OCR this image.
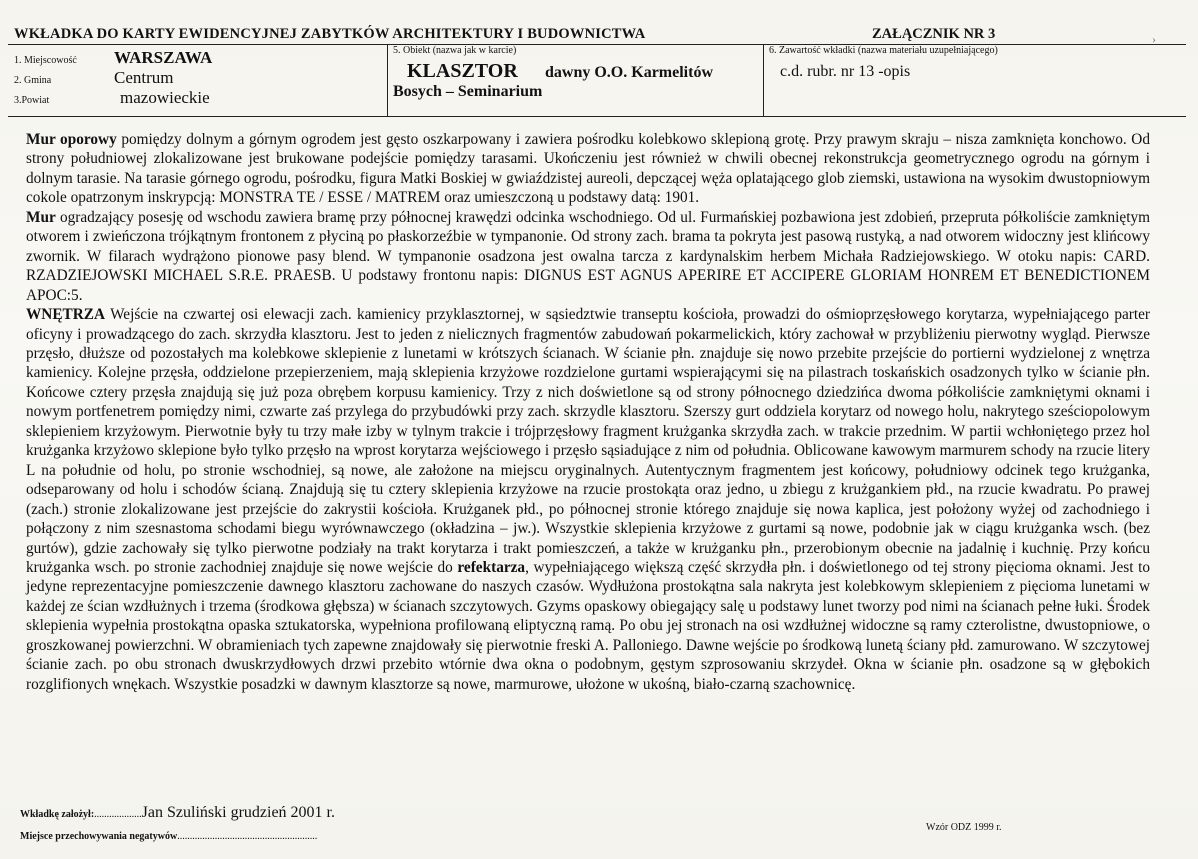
WKŁADKA DO KARTY EWIDENCYJNEJ ZABYTKÓW ARCHITEKTURY I BUDOWNICTWA	ZAŁĄCZNIK NR 3	›
1. Miejscowość WARSZAWA
2. Gmina	Centrum
3.Powiat	mazowieckie
5. Obiekt (nazwa jak w karcie)
KLASZTOR dawny O.O. Karmelitów
Bosych – Seminarium
6. Zawartość wkładki (nazwa materiału uzupełniającego)
c.d. rubr. nr 13 -opis

Mur oporowy pomiędzy dolnym a górnym ogrodem jest gęsto oszkarpowany i zawiera pośrodku kolebkowo sklepioną grotę. Przy prawym skraju – nisza zamknięta konchowo. Od strony południowej zlokalizowane jest brukowane podejście pomiędzy tarasami. Ukończeniu jest również w chwili obecnej rekonstrukcja geometrycznego ogrodu na górnym i dolnym tarasie. Na tarasie górnego ogrodu, pośrodku, figura Matki Boskiej w gwiaździstej aureoli, depczącej węża oplatającego glob ziemski, ustawiona na wysokim dwustopniowym cokole opatrzonym inskrypcją: MONSTRA TE / ESSE / MATREM oraz umieszczoną u podstawy datą: 1901.

Mur ogradzający posesję od wschodu zawiera bramę przy północnej krawędzi odcinka wschodniego. Od ul. Furmańskiej pozbawiona jest zdobień, przepruta półkoliście zamkniętym otworem i zwieńczona trójkątnym frontonem z płyciną po płaskorzeźbie w tympanonie. Od strony zach. brama ta pokryta jest pasową rustyką, a nad otworem widoczny jest klińcowy zwornik. W filarach wydrążono pionowe pasy blend. W tympanonie osadzona jest owalna tarcza z kardynalskim herbem Michała Radziejowskiego. W otoku napis: CARD. RZADZIEJOWSKI MICHAEL S.R.E. PRAESB. U podstawy frontonu napis: DIGNUS EST AGNUS APERIRE ET ACCIPERE GLORIAM HONREM ET BENEDICTIONEM APOC:5.

WNĘTRZA Wejście na czwartej osi elewacji zach. kamienicy przyklasztornej, w sąsiedztwie transeptu kościoła, prowadzi do ośmioprzęsłowego korytarza, wypełniającego parter oficyny i prowadzącego do zach. skrzydła klasztoru. Jest to jeden z nielicznych fragmentów zabudowań pokarmelickich, który zachował w przybliżeniu pierwotny wygląd. Pierwsze przęsło, dłuższe od pozostałych ma kolebkowe sklepienie z lunetami w krótszych ścianach. W ścianie płn. znajduje się nowo przebite przejście do portierni wydzielonej z wnętrza kamienicy. Kolejne przęsła, oddzielone przepierzeniem, mają sklepienia krzyżowe rozdzielone gurtami wspierającymi się na pilastrach toskańskich osadzonych tylko w ścianie płn. Końcowe cztery przęsła znajdują się już poza obrębem korpusu kamienicy. Trzy z nich doświetlone są od strony północnego dziedzińca dwoma półkoliście zamkniętymi oknami i nowym portfenetrem pomiędzy nimi, czwarte zaś przylega do przybudówki przy zach. skrzydle klasztoru. Szerszy gurt oddziela korytarz od nowego holu, nakrytego sześciopolowym sklepieniem krzyżowym. Pierwotnie były tu trzy małe izby w tylnym trakcie i trójprzęsłowy fragment krużganka skrzydła zach. w trakcie przednim. W partii wchłoniętego przez hol krużganka krzyżowo sklepione było tylko przęsło na wprost korytarza wejściowego i przęsło sąsiadujące z nim od południa. Oblicowane kawowym marmurem schody na rzucie litery L na południe od holu, po stronie wschodniej, są nowe, ale założone na miejscu oryginalnych. Autentycznym fragmentem jest końcowy, południowy odcinek tego krużganka, odseparowany od holu i schodów ścianą. Znajdują się tu cztery sklepienia krzyżowe na rzucie prostokąta oraz jedno, u zbiegu z krużgankiem płd., na rzucie kwadratu. Po prawej (zach.) stronie zlokalizowane jest przejście do zakrystii kościoła. Krużganek płd., po północnej stronie którego znajduje się nowa kaplica, jest położony wyżej od zachodniego i połączony z nim szesnastoma schodami biegu wyrównawczego (okładzina – jw.). Wszystkie sklepienia krzyżowe z gurtami są nowe, podobnie jak w ciągu krużganka wsch. (bez gurtów), gdzie zachowały się tylko pierwotne podziały na trakt korytarza i trakt pomieszczeń, a także w krużganku płn., przerobionym obecnie na jadalnię i kuchnię. Przy końcu krużganka wsch. po stronie zachodniej znajduje się nowe wejście do refektarza, wypełniającego większą część skrzydła płn. i doświetlonego od tej strony pięcioma oknami. Jest to jedyne reprezentacyjne pomieszczenie dawnego klasztoru zachowane do naszych czasów. Wydłużona prostokątna sala nakryta jest kolebkowym sklepieniem z pięcioma lunetami w każdej ze ścian wzdłużnych i trzema (środkowa głębsza) w ścianach szczytowych. Gzyms opaskowy obiegający salę u podstawy lunet tworzy pod nimi na ścianach pełne łuki. Środek sklepienia wypełnia prostokątna opaska sztukatorska, wypełniona profilowaną eliptyczną ramą. Po obu jej stronach na osi wzdłużnej widoczne są ramy czterolistne, dwustopniowe, o groszkowanej powierzchni. W obramieniach tych zapewne znajdowały się pierwotnie freski A. Palloniego. Dawne wejście po środkową lunetą ściany płd. zamurowano. W szczytowej ścianie zach. po obu stronach dwuskrzydłowych drzwi przebito wtórnie dwa okna o podobnym, gęstym szprosowaniu skrzydeł. Okna w ścianie płn. osadzone są w głębokich rozglifionych wnękach. Wszystkie posadzki w dawnym klasztorze są nowe, marmurowe, ułożone w ukośną, biało-czarną szachownicę.

Wkładkę założył:...................Jan Szuliński grudzień 2001 r.
Miejsce przechowywania negatywów........................................................
Wzór ODZ 1999 r.
